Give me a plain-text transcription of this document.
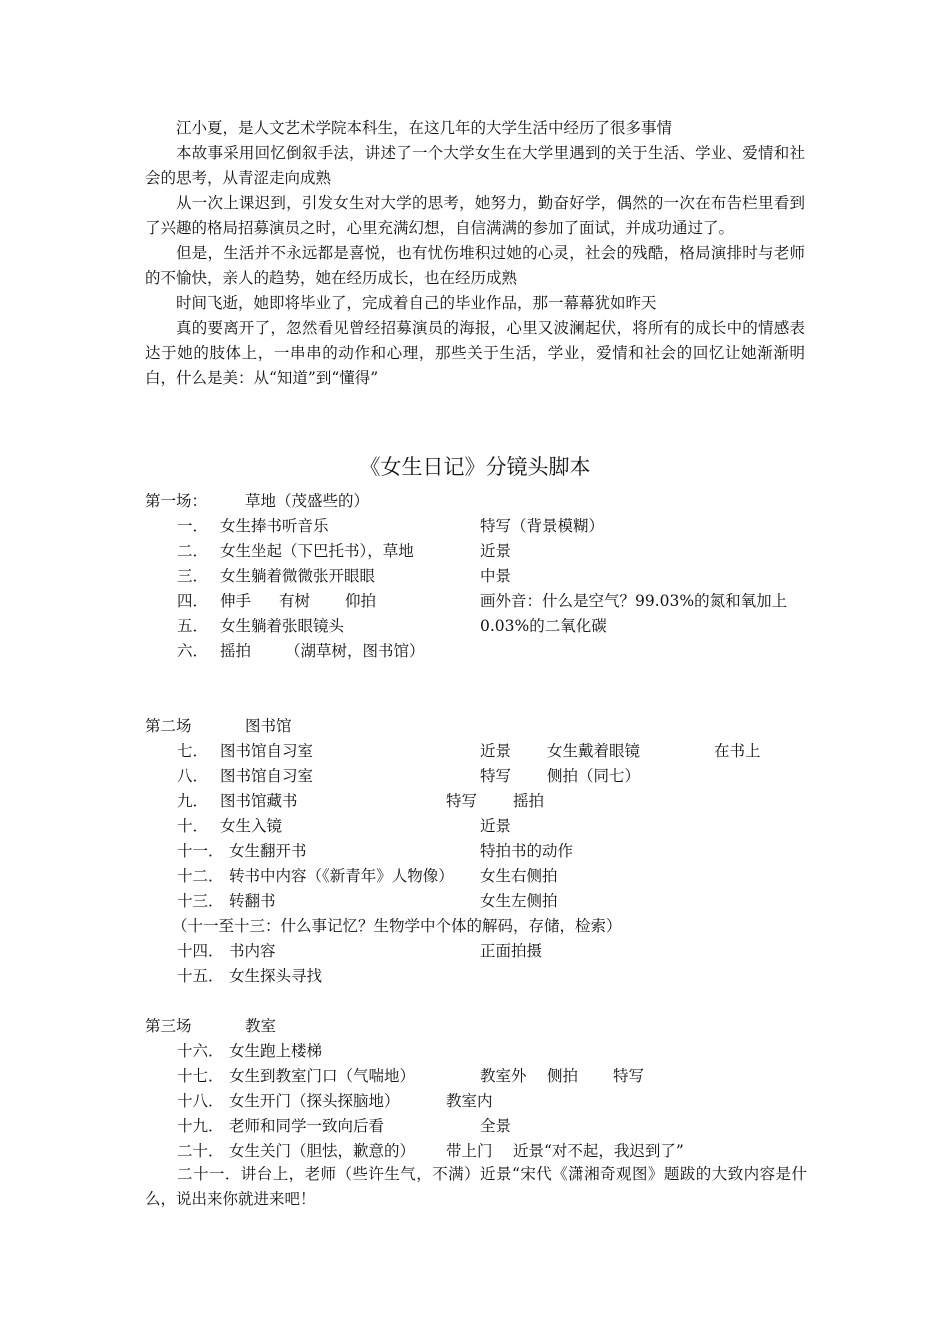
江小夏，是人文艺术学院本科生，在这几年的大学生活中经历了很多事情

本故事采用回忆倒叙手法，讲述了一个大学女生在大学里遇到的关于生活、学业、爱情和社会的思考，从青涩走向成熟

从一次上课迟到，引发女生对大学的思考，她努力，勤奋好学，偶然的一次在布告栏里看到了兴趣的格局招募演员之时，心里充满幻想，自信满满的参加了面试，并成功通过了。

但是，生活并不永远都是喜悦，也有忧伤堆积过她的心灵，社会的残酷，格局演排时与老师的不愉快，亲人的趋势，她在经历成长，也在经历成熟

时间飞逝，她即将毕业了，完成着自己的毕业作品，那一幕幕犹如昨天

真的要离开了，忽然看见曾经招募演员的海报，心里又波澜起伏，将所有的成长中的情感表达于她的肢体上，一串串的动作和心理，那些关于生活，学业，爱情和社会的回忆让她渐渐明白，什么是美：从“知道”到“懂得”

《女生日记》分镜头脚本
第一场： 草地（茂盛些的）
一． 女生捧书听音乐	特写（背景模糊）
二． 女生坐起（下巴托书），草地	近景
三． 女生躺着微微张开眼眼	中景
四． 伸手 有树 仰拍	画外音：什么是空气？99.03%的氮和氧加上
五． 女生躺着张眼镜头	0.03%的二氧化碳
六． 摇拍 （湖草树，图书馆）
第二场	图书馆
七． 图书馆自习室	近景 女生戴着眼镜	在书上
八． 图书馆自习室	特写 侧拍（同七）
九． 图书馆藏书	特写 摇拍
十． 女生入镜	近景
十一． 女生翻开书	特拍书的动作
十二． 转书中内容（《新青年》人物像） 女生右侧拍
十三． 转翻书	女生左侧拍
（十一至十三：什么事记忆？生物学中个体的解码，存储，检索）
十四． 书内容	正面拍摄
十五． 女生探头寻找
第三场	教室
十六． 女生跑上楼梯
十七． 女生到教室门口（气喘地）	教室外 侧拍 特写
十八． 女生开门（探头探脑地）	教室内
十九． 老师和同学一致向后看	全景
二十． 女生关门（胆怯，歉意的） 带上门 近景“对不起，我迟到了”

二十一．讲台上，老师（些许生气，不满）近景“宋代《潇湘奇观图》题跋的大致内容是什么，说出来你就进来吧！
